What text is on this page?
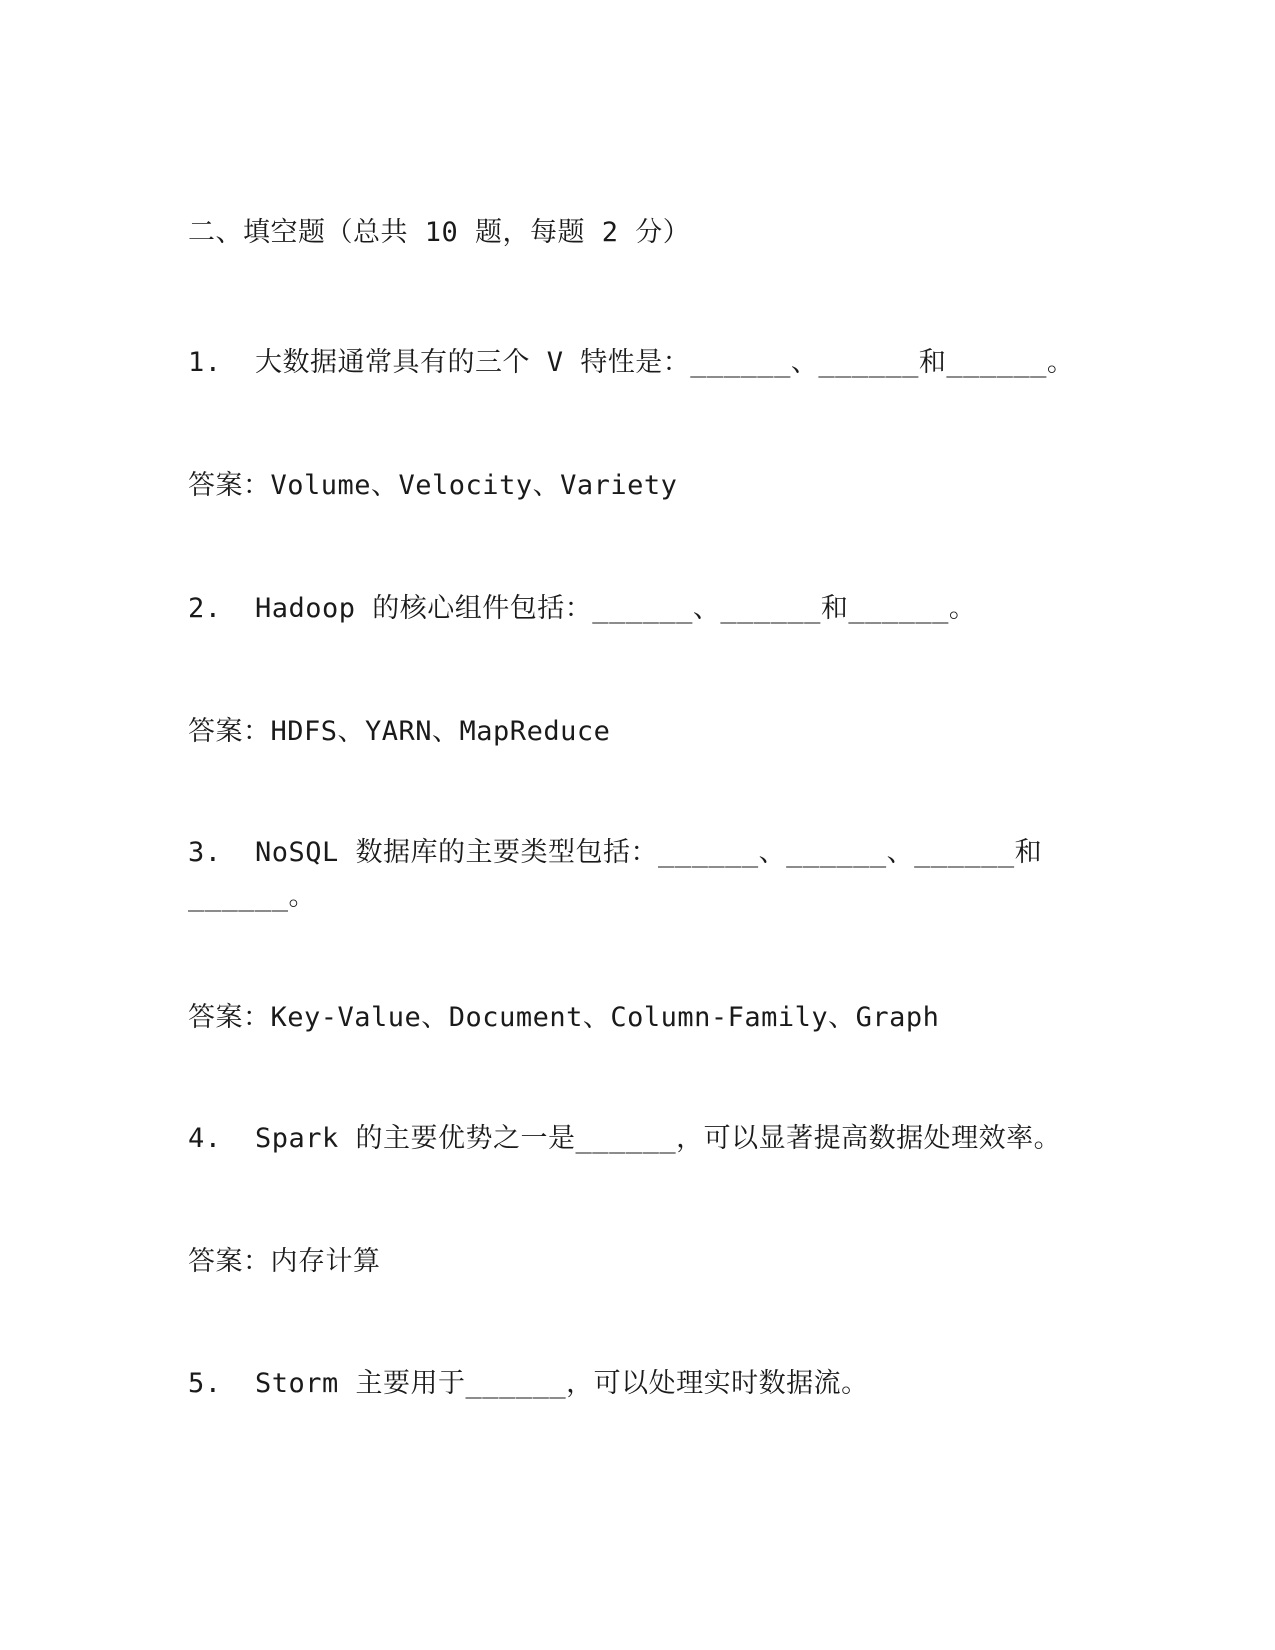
二、填空题（总共 10 题，每题 2 分）
1.  大数据通常具有的三个 V 特性是：______、______和______。
答案：Volume、Velocity、Variety
2.  Hadoop 的核心组件包括：______、______和______。
答案：HDFS、YARN、MapReduce
3.  NoSQL 数据库的主要类型包括：______、______、______和
______。
答案：Key-Value、Document、Column-Family、Graph
4.  Spark 的主要优势之一是______，可以显著提高数据处理效率。
答案：内存计算
5.  Storm 主要用于______，可以处理实时数据流。
